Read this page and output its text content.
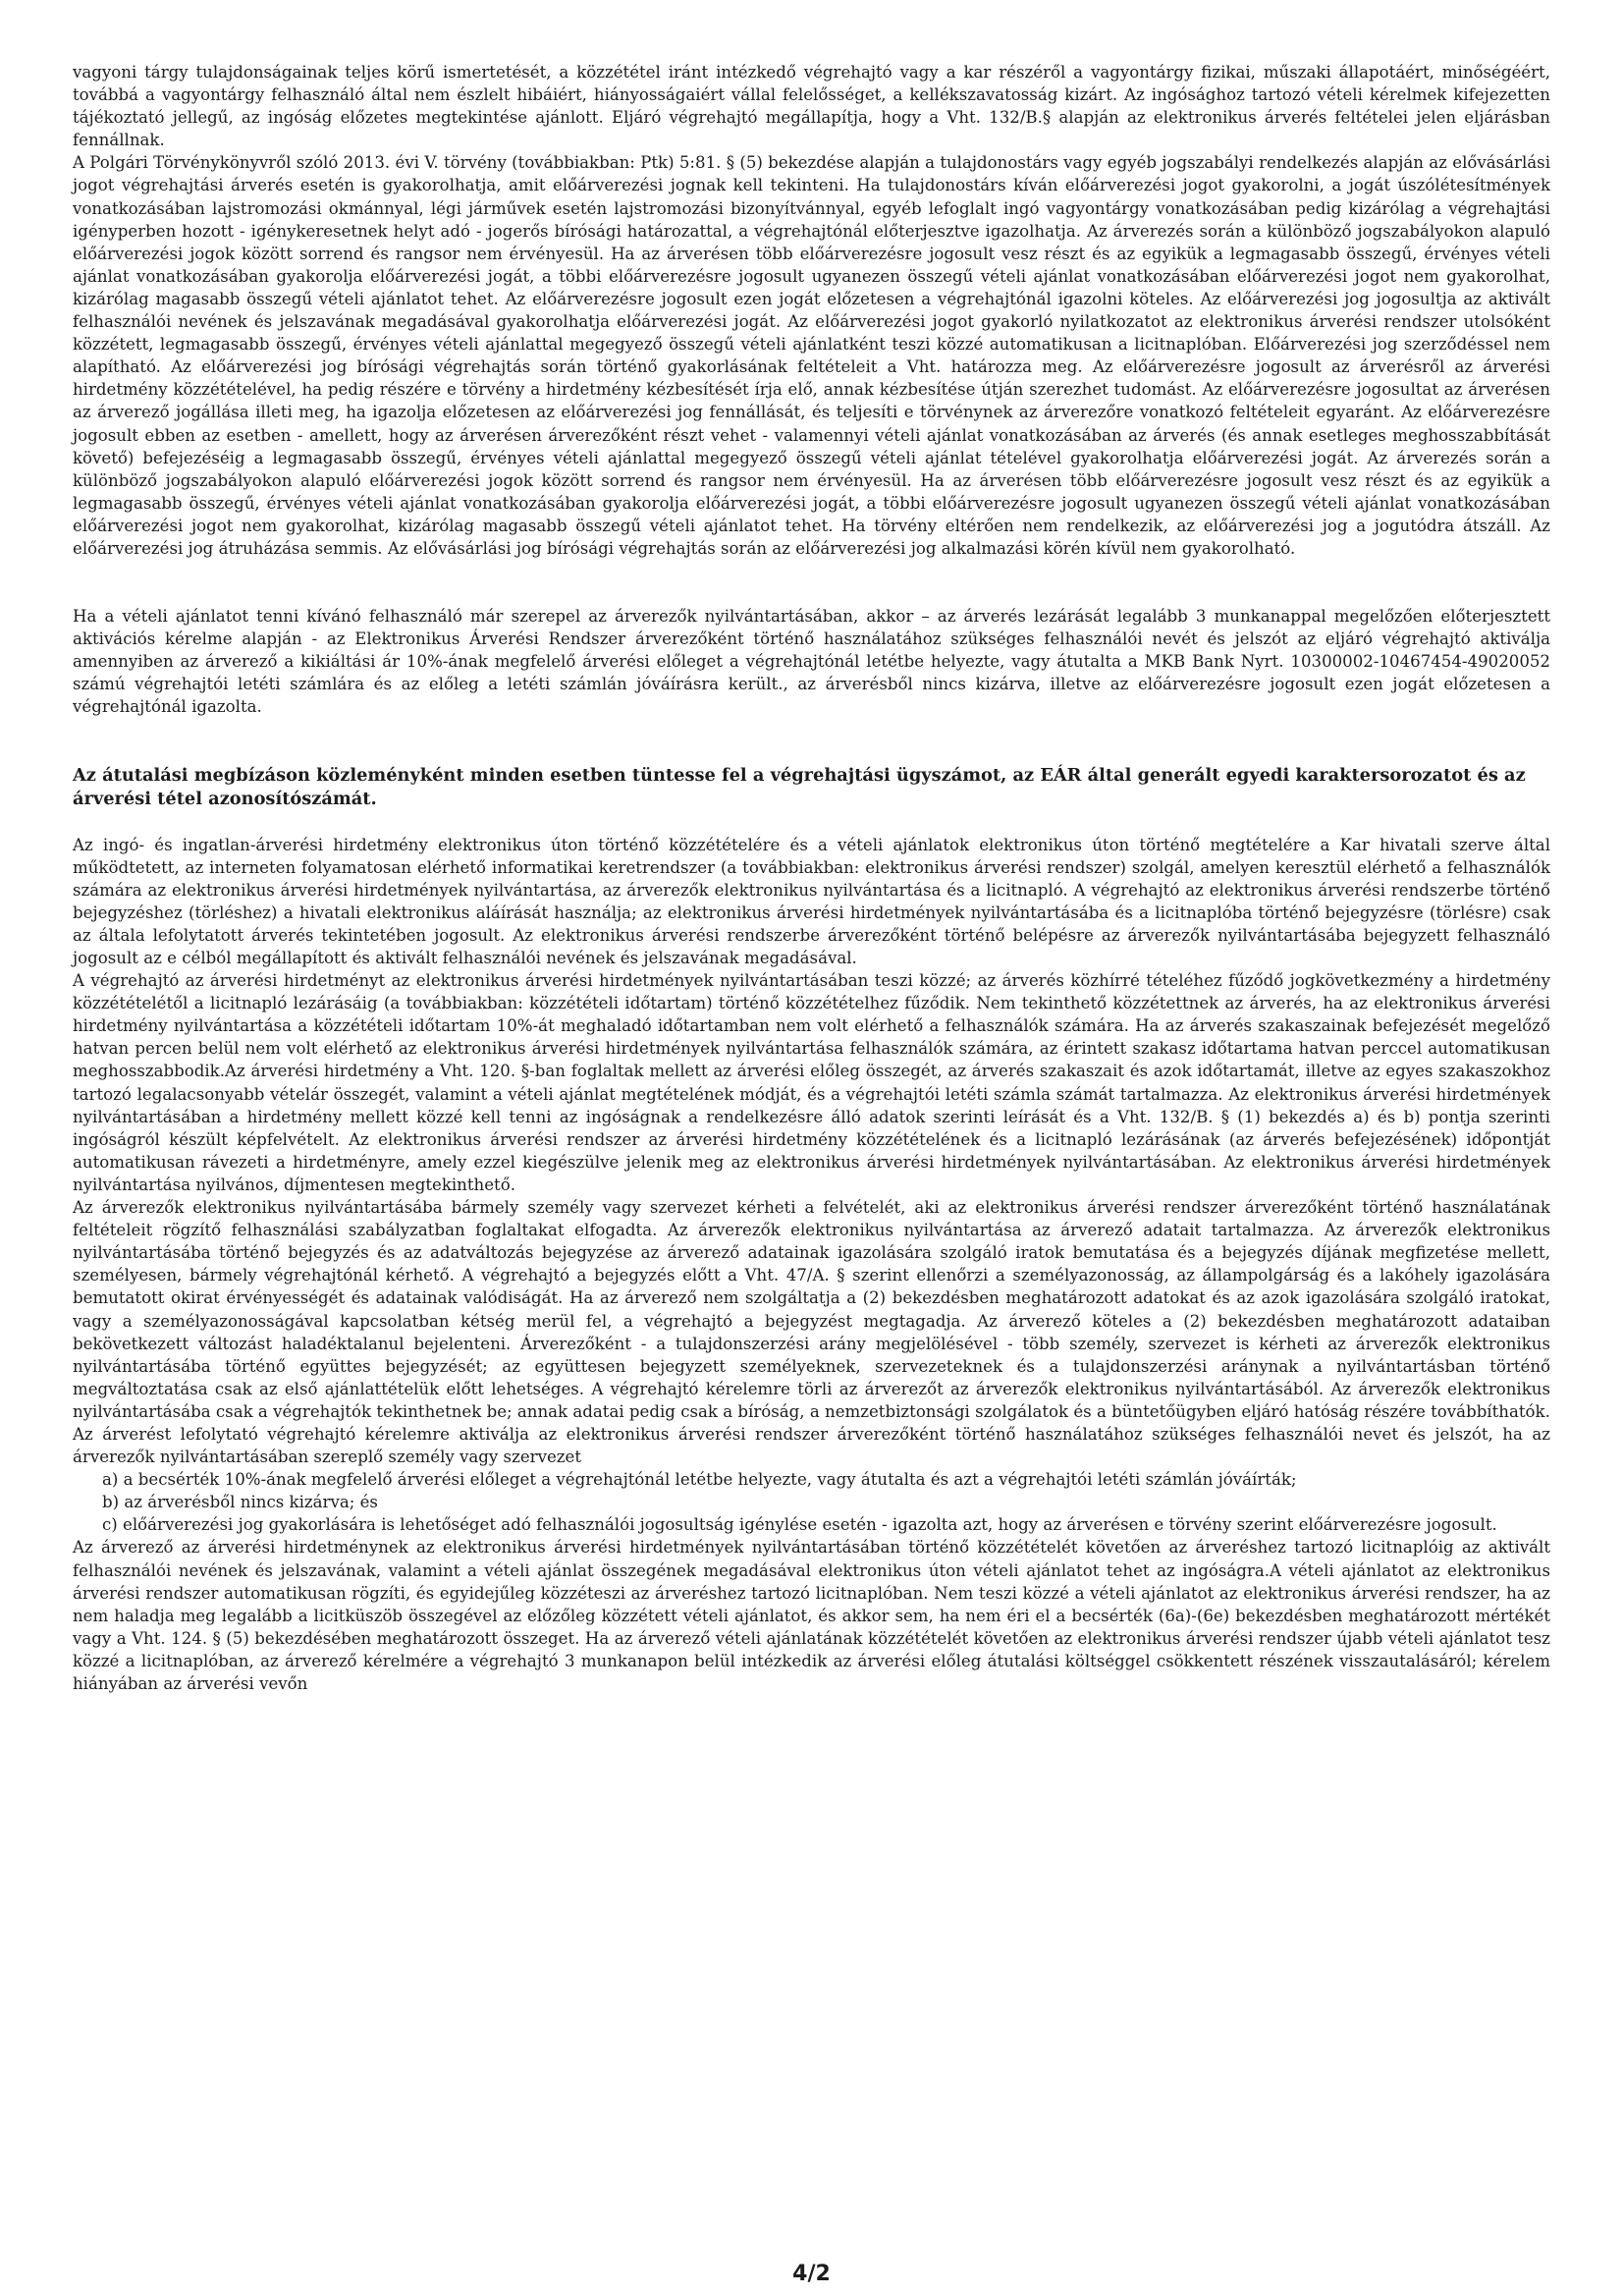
vagyoni tárgy tulajdonságainak teljes körű ismertetését, a közzététel iránt intézkedő végrehajtó vagy a kar részéről a vagyontárgy fizikai, műszaki állapotáért, minőségéért, továbbá a vagyontárgy felhasználó által nem észlelt hibáiért, hiányosságaiért vállal felelősséget, a kellékszavatosság kizárt. Az ingósághoz tartozó vételi kérelmek kifejezetten tájékoztató jellegű, az ingóság előzetes megtekintése ajánlott. Eljáró végrehajtó megállapítja, hogy a Vht. 132/B.§ alapján az elektronikus árverés feltételei jelen eljárásban fennállnak.

A Polgári Törvénykönyvről szóló 2013. évi V. törvény (továbbiakban: Ptk) 5:81. § (5) bekezdése alapján a tulajdonostárs vagy egyéb jogszabályi rendelkezés alapján az elővásárlási jogot végrehajtási árverés esetén is gyakorolhatja, amit előárverezési jognak kell tekinteni. Ha tulajdonostárs kíván előárverezési jogot gyakorolni, a jogát úszólétesítmények vonatkozásában lajstromozási okmánnyal, légi járművek esetén lajstromozási bizonyítvánnyal, egyéb lefoglalt ingó vagyontárgy vonatkozásában pedig kizárólag a végrehajtási igényperben hozott - igénykeresetnek helyt adó - jogerős bírósági határozattal, a végrehajtónál előterjesztve igazolhatja. Az árverezés során a különböző jogszabályokon alapuló előárverezési jogok között sorrend és rangsor nem érvényesül. Ha az árverésen több előárverezésre jogosult vesz részt és az egyikük a legmagasabb összegű, érvényes vételi ajánlat vonatkozásában gyakorolja előárverezési jogát, a többi előárverezésre jogosult ugyanezen összegű vételi ajánlat vonatkozásában előárverezési jogot nem gyakorolhat, kizárólag magasabb összegű vételi ajánlatot tehet. Az előárverezésre jogosult ezen jogát előzetesen a végrehajtónál igazolni köteles. Az előárverezési jog jogosultja az aktivált felhasználói nevének és jelszavának megadásával gyakorolhatja előárverezési jogát. Az előárverezési jogot gyakorló nyilatkozatot az elektronikus árverési rendszer utolsóként közzétett, legmagasabb összegű, érvényes vételi ajánlattal megegyező összegű vételi ajánlatként teszi közzé automatikusan a licitnaplóban. Előárverezési jog szerződéssel nem alapítható. Az előárverezési jog bírósági végrehajtás során történő gyakorlásának feltételeit a Vht. határozza meg. Az előárverezésre jogosult az árverésről az árverési hirdetmény közzétételével, ha pedig részére e törvény a hirdetmény kézbesítését írja elő, annak kézbesítése útján szerezhet tudomást. Az előárverezésre jogosultat az árverésen az árverező jogállása illeti meg, ha igazolja előzetesen az előárverezési jog fennállását, és teljesíti e törvénynek az árverezőre vonatkozó feltételeit egyaránt. Az előárverezésre jogosult ebben az esetben - amellett, hogy az árverésen árverezőként részt vehet - valamennyi vételi ajánlat vonatkozásában az árverés (és annak esetleges meghosszabbítását követő) befejezéséig a legmagasabb összegű, érvényes vételi ajánlattal megegyező összegű vételi ajánlat tételével gyakorolhatja előárverezési jogát. Az árverezés során a különböző jogszabályokon alapuló előárverezési jogok között sorrend és rangsor nem érvényesül. Ha az árverésen több előárverezésre jogosult vesz részt és az egyikük a legmagasabb összegű, érvényes vételi ajánlat vonatkozásában gyakorolja előárverezési jogát, a többi előárverezésre jogosult ugyanezen összegű vételi ajánlat vonatkozásában előárverezési jogot nem gyakorolhat, kizárólag magasabb összegű vételi ajánlatot tehet. Ha törvény eltérően nem rendelkezik, az előárverezési jog a jogutódra átszáll. Az előárverezési jog átruházása semmis. Az elővásárlási jog bírósági végrehajtás során az előárverezési jog alkalmazási körén kívül nem gyakorolható.

Ha a vételi ajánlatot tenni kívánó felhasználó már szerepel az árverezők nyilvántartásában, akkor – az árverés lezárását legalább 3 munkanappal megelőzően előterjesztett aktivációs kérelme alapján - az Elektronikus Árverési Rendszer árverezőként történő használatához szükséges felhasználói nevét és jelszót az eljáró végrehajtó aktiválja amennyiben az árverező a kikiáltási ár 10%-ának megfelelő árverési előleget a végrehajtónál letétbe helyezte, vagy átutalta a MKB Bank Nyrt. 10300002-10467454-49020052 számú végrehajtói letéti számlára és az előleg a letéti számlán jóváírásra került., az árverésből nincs kizárva, illetve az előárverezésre jogosult ezen jogát előzetesen a végrehajtónál igazolta.

Az átutalási megbízáson közleményként minden esetben tüntesse fel a végrehajtási ügyszámot, az EÁR által generált egyedi karaktersorozatot és az árverési tétel azonosítószámát.

Az ingó- és ingatlan-árverési hirdetmény elektronikus úton történő közzétételére és a vételi ajánlatok elektronikus úton történő megtételére a Kar hivatali szerve által működtetett, az interneten folyamatosan elérhető informatikai keretrendszer (a továbbiakban: elektronikus árverési rendszer) szolgál, amelyen keresztül elérhető a felhasználók számára az elektronikus árverési hirdetmények nyilvántartása, az árverezők elektronikus nyilvántartása és a licitnapló. A végrehajtó az elektronikus árverési rendszerbe történő bejegyzéshez (törléshez) a hivatali elektronikus aláírását használja; az elektronikus árverési hirdetmények nyilvántartásába és a licitnaplóba történő bejegyzésre (törlésre) csak az általa lefolytatott árverés tekintetében jogosult. Az elektronikus árverési rendszerbe árverezőként történő belépésre az árverezők nyilvántartásába bejegyzett felhasználó jogosult az e célból megállapított és aktivált felhasználói nevének és jelszavának megadásával.

A végrehajtó az árverési hirdetményt az elektronikus árverési hirdetmények nyilvántartásában teszi közzé; az árverés közhírré tételéhez fűződő jogkövetkezmény a hirdetmény közzétételétől a licitnapló lezárásáig (a továbbiakban: közzétételi időtartam) történő közzétételhez fűződik. Nem tekinthető közzétettnek az árverés, ha az elektronikus árverési hirdetmény nyilvántartása a közzétételi időtartam 10%-át meghaladó időtartamban nem volt elérhető a felhasználók számára. Ha az árverés szakaszainak befejezését megelőző hatvan percen belül nem volt elérhető az elektronikus árverési hirdetmények nyilvántartása felhasználók számára, az érintett szakasz időtartama hatvan perccel automatikusan meghosszabbodik.Az árverési hirdetmény a Vht. 120. §-ban foglaltak mellett az árverési előleg összegét, az árverés szakaszait és azok időtartamát, illetve az egyes szakaszokhoz tartozó legalacsonyabb vételár összegét, valamint a vételi ajánlat megtételének módját, és a végrehajtói letéti számla számát tartalmazza. Az elektronikus árverési hirdetmények nyilvántartásában a hirdetmény mellett közzé kell tenni az ingóságnak a rendelkezésre álló adatok szerinti leírását és a Vht. 132/B. § (1) bekezdés a) és b) pontja szerinti ingóságról készült képfelvételt. Az elektronikus árverési rendszer az árverési hirdetmény közzétételének és a licitnapló lezárásának (az árverés befejezésének) időpontját automatikusan rávezeti a hirdetményre, amely ezzel kiegészülve jelenik meg az elektronikus árverési hirdetmények nyilvántartásában. Az elektronikus árverési hirdetmények nyilvántartása nyilvános, díjmentesen megtekinthető.

Az árverezők elektronikus nyilvántartásába bármely személy vagy szervezet kérheti a felvételét, aki az elektronikus árverési rendszer árverezőként történő használatának feltételeit rögzítő felhasználási szabályzatban foglaltakat elfogadta. Az árverezők elektronikus nyilvántartása az árverező adatait tartalmazza. Az árverezők elektronikus nyilvántartásába történő bejegyzés és az adatváltozás bejegyzése az árverező adatainak igazolására szolgáló iratok bemutatása és a bejegyzés díjának megfizetése mellett, személyesen, bármely végrehajtónál kérhető. A végrehajtó a bejegyzés előtt a Vht. 47/A. § szerint ellenőrzi a személyazonosság, az állampolgárság és a lakóhely igazolására bemutatott okirat érvényességét és adatainak valódiságát. Ha az árverező nem szolgáltatja a (2) bekezdésben meghatározott adatokat és az azok igazolására szolgáló iratokat, vagy a személyazonosságával kapcsolatban kétség merül fel, a végrehajtó a bejegyzést megtagadja. Az árverező köteles a (2) bekezdésben meghatározott adataiban bekövetkezett változást haladéktalanul bejelenteni. Árverezőként - a tulajdonszerzési arány megjelölésével - több személy, szervezet is kérheti az árverezők elektronikus nyilvántartásába történő együttes bejegyzését; az együttesen bejegyzett személyeknek, szervezeteknek és a tulajdonszerzési aránynak a nyilvántartásban történő megváltoztatása csak az első ajánlattételük előtt lehetséges. A végrehajtó kérelemre törli az árverezőt az árverezők elektronikus nyilvántartásából. Az árverezők elektronikus nyilvántartásába csak a végrehajtók tekinthetnek be; annak adatai pedig csak a bíróság, a nemzetbiztonsági szolgálatok és a büntetőügyben eljáró hatóság részére továbbíthatók.

Az árverést lefolytató végrehajtó kérelemre aktiválja az elektronikus árverési rendszer árverezőként történő használatához szükséges felhasználói nevet és jelszót, ha az árverezők nyilvántartásában szereplő személy vagy szervezet

a) a becsérték 10%-ának megfelelő árverési előleget a végrehajtónál letétbe helyezte, vagy átutalta és azt a végrehajtói letéti számlán jóváírták;

b) az árverésből nincs kizárva; és

c) előárverezési jog gyakorlására is lehetőséget adó felhasználói jogosultság igénylése esetén - igazolta azt, hogy az árverésen e törvény szerint előárverezésre jogosult.

Az árverező az árverési hirdetménynek az elektronikus árverési hirdetmények nyilvántartásában történő közzétételét követően az árveréshez tartozó licitnaplóig az aktivált felhasználói nevének és jelszavának, valamint a vételi ajánlat összegének megadásával elektronikus úton vételi ajánlatot tehet az ingóságra.A vételi ajánlatot az elektronikus árverési rendszer automatikusan rögzíti, és egyidejűleg közzéteszi az árveréshez tartozó licitnaplóban. Nem teszi közzé a vételi ajánlatot az elektronikus árverési rendszer, ha az nem haladja meg legalább a licitküszöb összegével az előzőleg közzétett vételi ajánlatot, és akkor sem, ha nem éri el a becsérték (6a)-(6e) bekezdésben meghatározott mértékét vagy a Vht. 124. § (5) bekezdésében meghatározott összeget. Ha az árverező vételi ajánlatának közzétételét követően az elektronikus árverési rendszer újabb vételi ajánlatot tesz közzé a licitnaplóban, az árverező kérelmére a végrehajtó 3 munkanapon belül intézkedik az árverési előleg átutalási költséggel csökkentett részének visszautalásáról; kérelem hiányában az árverési vevőn

4/2
